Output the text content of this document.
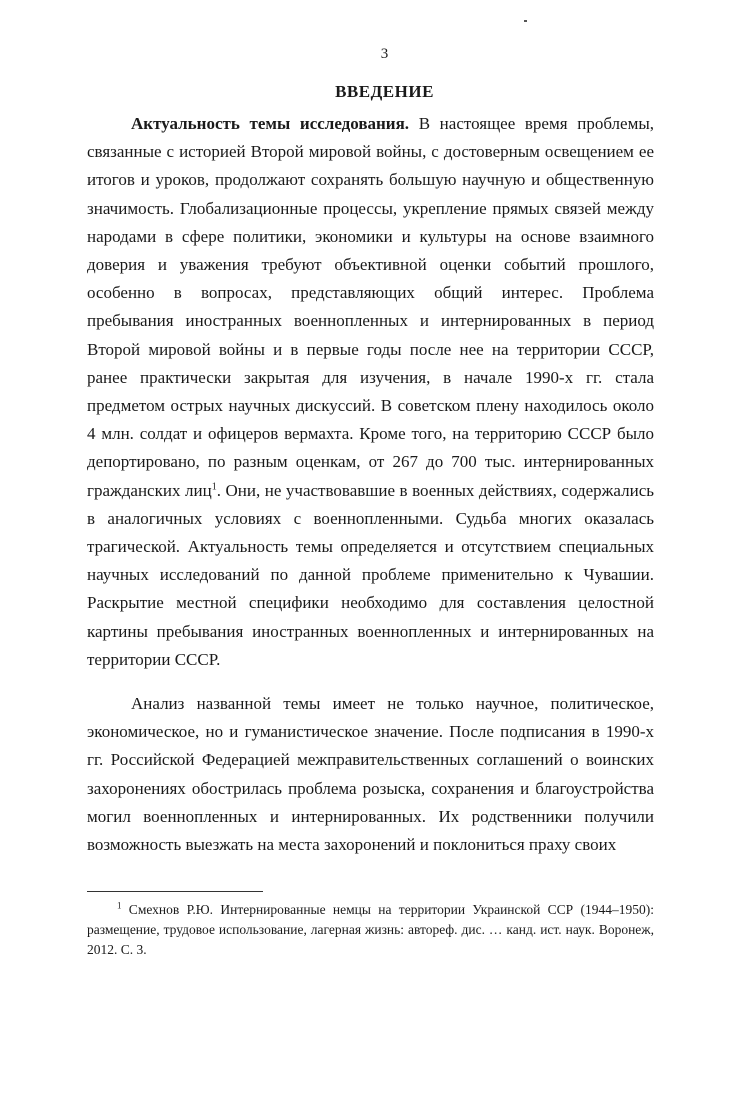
3
ВВЕДЕНИЕ

Актуальность темы исследования. В настоящее время проблемы, связанные с историей Второй мировой войны, с достоверным освещением ее итогов и уроков, продолжают сохранять большую научную и общественную значимость. Глобализационные процессы, укрепление прямых связей между народами в сфере политики, экономики и культуры на основе взаимного доверия и уважения требуют объективной оценки событий прошлого, особенно в вопросах, представляющих общий интерес. Проблема пребывания иностранных военнопленных и интернированных в период Второй мировой войны и в первые годы после нее на территории СССР, ранее практически закрытая для изучения, в начале 1990-х гг. стала предметом острых научных дискуссий. В советском плену находилось около 4 млн. солдат и офицеров вермахта. Кроме того, на территорию СССР было депортировано, по разным оценкам, от 267 до 700 тыс. интернированных гражданских лиц$^1$. Они, не участвовавшие в военных действиях, содержались в аналогичных условиях с военнопленными. Судьба многих оказалась трагической. Актуальность темы определяется и отсутствием специальных научных исследований по данной проблеме применительно к Чувашии. Раскрытие местной специфики необходимо для составления целостной картины пребывания иностранных военнопленных и интернированных на территории СССР.

Анализ названной темы имеет не только научное, политическое, экономическое, но и гуманистическое значение. После подписания в 1990-х гг. Российской Федерацией межправительственных соглашений о воинских захоронениях обострилась проблема розыска, сохранения и благоустройства могил военнопленных и интернированных. Их родственники получили возможность выезжать на места захоронений и поклониться праху своих

$^1$ Смехнов Р.Ю. Интернированные немцы на территории Украинской ССР (1944–1950): размещение, трудовое использование, лагерная жизнь: автореф. дис. … канд. ист. наук. Воронеж, 2012. С. 3.
